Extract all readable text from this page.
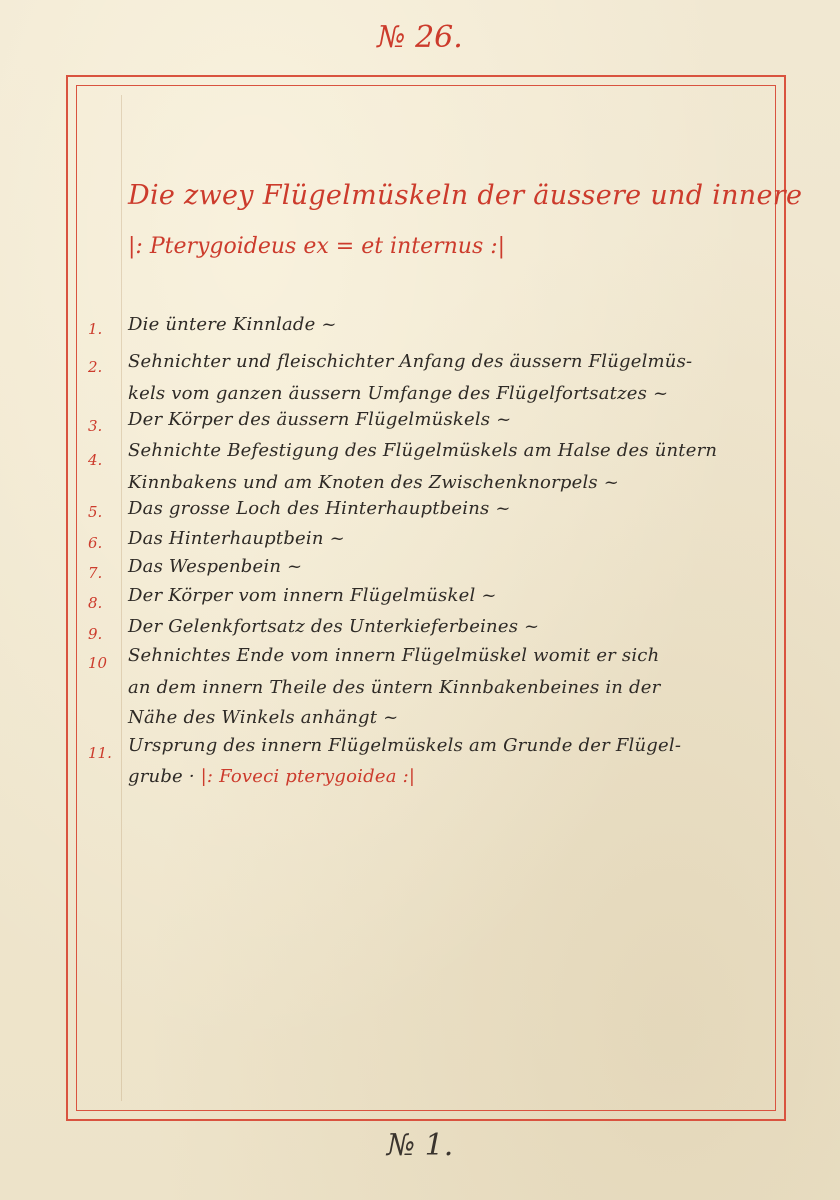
№ 26.
Die zwey Flügelmüskeln der äussere und innere
|: Pterygoideus ex = et internus :|
1.	Die üntere Kinnlade ~
2.	Sehnichter und fleischichter Anfang des äussern Flügelmüs-
kels vom ganzen äussern Umfange des Flügelfortsatzes ~
3.	Der Körper des äussern Flügelmüskels ~
4.	Sehnichte Befestigung des Flügelmüskels am Halse des üntern
Kinnbakens und am Knoten des Zwischenknorpels ~
5.	Das grosse Loch des Hinterhauptbeins ~
6.	Das Hinterhauptbein ~
7.	Das Wespenbein ~
8.	Der Körper vom innern Flügelmüskel ~
9.	Der Gelenkfortsatz des Unterkieferbeines ~
10	Sehnichtes Ende vom innern Flügelmüskel womit er sich
an dem innern Theile des üntern Kinnbakenbeines in der
Nähe des Winkels anhängt ~
11. Ursprung des innern Flügelmüskels am Grunde der Flügel-
grube · |: Foveci pterygoidea :|
№ 1.
